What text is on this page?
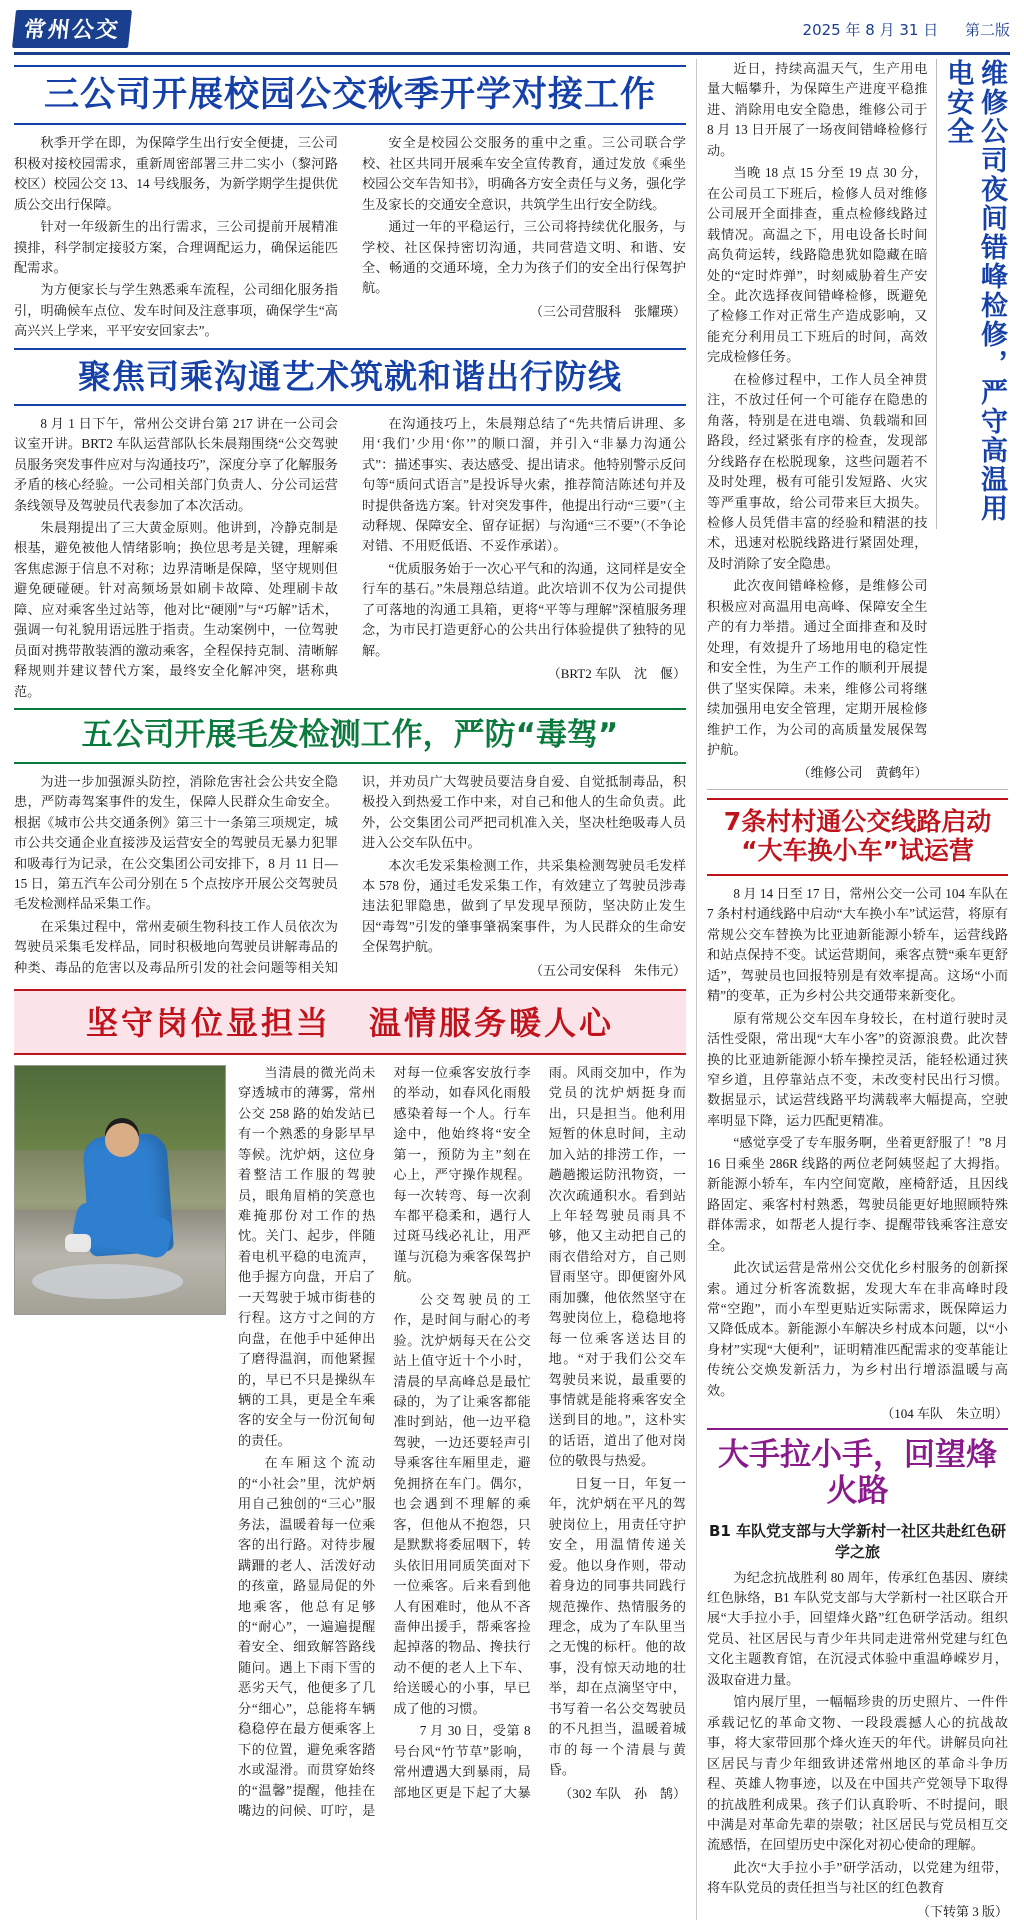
常州公交	2025 年 8 月 31 日 第二版
三公司开展校园公交秋季开学对接工作

秋季开学在即，为保障学生出行安全便捷，三公司积极对接校园需求，重新周密部署三井二实小（黎河路校区）校园公交 13、14 号线服务，为新学期学生提供优质公交出行保障。

针对一年级新生的出行需求，三公司提前开展精准摸排，科学制定接驳方案，合理调配运力，确保运能匹配需求。

为方便家长与学生熟悉乘车流程，公司细化服务指引，明确候车点位、发车时间及注意事项，确保学生“高高兴兴上学来，平平安安回家去”。

安全是校园公交服务的重中之重。三公司联合学校、社区共同开展乘车安全宣传教育，通过发放《乘坐校园公交车告知书》，明确各方安全责任与义务，强化学生及家长的交通安全意识，共筑学生出行安全防线。

通过一年的平稳运行，三公司将持续优化服务，与学校、社区保持密切沟通，共同营造文明、和谐、安全、畅通的交通环境，全力为孩子们的安全出行保驾护航。

（三公司营服科　张耀瑛）
聚焦司乘沟通艺术筑就和谐出行防线

8 月 1 日下午，常州公交讲台第 217 讲在一公司会议室开讲。BRT2 车队运营部队长朱晨翔围绕“公交驾驶员服务突发事件应对与沟通技巧”，深度分享了化解服务矛盾的核心经验。一公司相关部门负责人、分公司运营条线领导及驾驶员代表参加了本次活动。

朱晨翔提出了三大黄金原则。他讲到，冷静克制是根基，避免被他人情绪影响；换位思考是关键，理解乘客焦虑源于信息不对称；边界清晰是保障，坚守规则但避免硬碰硬。针对高频场景如刷卡故障、处理刷卡故障、应对乘客坐过站等，他对比“硬刚”与“巧解”话术，强调一句礼貌用语远胜于指责。生动案例中，一位驾驶员面对携带散装酒的激动乘客，全程保持克制、清晰解释规则并建议替代方案，最终安全化解冲突，堪称典范。

在沟通技巧上，朱晨翔总结了“先共情后讲理、多用‘我们’少用‘你’”的顺口溜，并引入“非暴力沟通公式”：描述事实、表达感受、提出请求。他特别警示反问句等“质问式语言”是投诉导火索，推荐简洁陈述句并及时提供备选方案。针对突发事件，他提出行动“三要”（主动释规、保障安全、留存证据）与沟通“三不要”（不争论对错、不用贬低语、不妥作承诺）。

“优质服务始于一次心平气和的沟通，这同样是安全行车的基石。”朱晨翔总结道。此次培训不仅为公司提供了可落地的沟通工具箱，更将“平等与理解”深植服务理念，为市民打造更舒心的公共出行体验提供了独特的见解。

（BRT2 车队　沈　偃）
五公司开展毛发检测工作，严防“毒驾”

为进一步加强源头防控，消除危害社会公共安全隐患，严防毒驾案事件的发生，保障人民群众生命安全。根据《城市公共交通条例》第三十一条第三项规定，城市公共交通企业直接涉及运营安全的驾驶员无暴力犯罪和吸毒行为记录，在公交集团公司安排下，8 月 11 日—15 日，第五汽车公司分别在 5 个点按序开展公交驾驶员毛发检测样品采集工作。

在采集过程中，常州麦硕生物科技工作人员依次为驾驶员采集毛发样品，同时积极地向驾驶员讲解毒品的种类、毒品的危害以及毒品所引发的社会问题等相关知识，并劝员广大驾驶员要洁身自爱、自觉抵制毒品，积极投入到热爱工作中来，对自己和他人的生命负责。此外，公交集团公司严把司机准入关，坚决杜绝吸毒人员进入公交车队伍中。

本次毛发采集检测工作，共采集检测驾驶员毛发样本 578 份，通过毛发采集工作，有效建立了驾驶员涉毒违法犯罪隐患，做到了早发现早预防，坚决防止发生因“毒驾”引发的肇事肇祸案事件，为人民群众的生命安全保驾护航。

（五公司安保科　朱伟元）
坚守岗位显担当 温情服务暖人心

当清晨的微光尚未穿透城市的薄雾，常州公交 258 路的始发站已有一个熟悉的身影早早等候。沈炉炳，这位身着整洁工作服的驾驶员，眼角眉梢的笑意也难掩那份对工作的热忱。关门、起步，伴随着电机平稳的电流声，他手握方向盘，开启了一天驾驶于城市街巷的行程。这方寸之间的方向盘，在他手中延伸出了磨得温润，而他紧握的，早已不只是操纵车辆的工具，更是全车乘客的安全与一份沉甸甸的责任。

在车厢这个流动的“小社会”里，沈炉炳用自己独创的“三心”服务法，温暖着每一位乘客的出行路。对待步履蹒跚的老人、活泼好动的孩童，路显局促的外地乘客，他总有足够的“耐心”，一遍遍提醒着安全、细致解答路线随问。遇上下雨下雪的恶劣天气，他便多了几分“细心”，总能将车辆稳稳停在最方便乘客上下的位置，避免乘客踏水或湿滑。而贯穿始终的“温馨”提醒，他挂在嘴边的问候、叮咛，是对每一位乘客安放行李的举动，如春风化雨般感染着每一个人。行车途中，他始终将“安全第一，预防为主”刻在心上，严守操作规程。每一次转弯、每一次刹车都平稳柔和，遇行人过斑马线必礼让，用严谨与沉稳为乘客保驾护航。

公交驾驶员的工作，是时间与耐心的考验。沈炉炳每天在公交站上值守近十个小时，清晨的早高峰总是最忙碌的，为了让乘客都能准时到站，他一边平稳驾驶，一边还要轻声引导乘客往车厢里走，避免拥挤在车门。偶尔，也会遇到不理解的乘客，但他从不抱怨，只是默默将委屈咽下，转头依旧用同质笑面对下一位乘客。后来看到他人有困难时，他从不吝啬伸出援手，帮乘客捡起掉落的物品、搀扶行动不便的老人上下车、给送暖心的小事，早已成了他的习惯。

7 月 30 日，受第 8 号台风“竹节草”影响，常州遭遇大到暴雨，局部地区更是下起了大暴雨。风雨交加中，作为党员的沈炉炳挺身而出，只是担当。他利用短暂的休息时间，主动加入站的排涝工作，一趟趟搬运防汛物资，一次次疏通积水。看到站上年轻驾驶员雨具不够，他又主动把自己的雨衣借给对方，自己则冒雨坚守。即便窗外风雨加骤，他依然坚守在驾驶岗位上，稳稳地将每一位乘客送达目的地。“对于我们公交车驾驶员来说，最重要的事情就是能将乘客安全送到目的地。”，这朴实的话语，道出了他对岗位的敬畏与热爱。

日复一日，年复一年，沈炉炳在平凡的驾驶岗位上，用责任守护安全，用温情传递关爱。他以身作则，带动着身边的同事共同践行规范操作、热情服务的理念，成为了车队里当之无愧的标杆。他的故事，没有惊天动地的壮举，却在点滴坚守中，书写着一名公交驾驶员的不凡担当，温暖着城市的每一个清晨与黄昏。

（302 车队　孙　鹄）

近日，持续高温天气，生产用电量大幅攀升，为保障生产进度平稳推进、消除用电安全隐患，维修公司于 8 月 13 日开展了一场夜间错峰检修行动。

当晚 18 点 15 分至 19 点 30 分，在公司员工下班后，检修人员对维修公司展开全面排查，重点检修线路过载情况。高温之下，用电设备长时间高负荷运转，线路隐患犹如隐藏在暗处的“定时炸弹”，时刻威胁着生产安全。此次选择夜间错峰检修，既避免了检修工作对正常生产造成影响，又能充分利用员工下班后的时间，高效完成检修任务。

在检修过程中，工作人员全神贯注，不放过任何一个可能存在隐患的角落，特别是在进电端、负载端和回路段，经过紧张有序的检查，发现部分线路存在松脱现象，这些问题若不及时处理，极有可能引发短路、火灾等严重事故，给公司带来巨大损失。检修人员凭借丰富的经验和精湛的技术，迅速对松脱线路进行紧固处理，及时消除了安全隐患。

此次夜间错峰检修，是维修公司积极应对高温用电高峰、保障安全生产的有力举措。通过全面排查和及时处理，有效提升了场地用电的稳定性和安全性，为生产工作的顺利开展提供了坚实保障。未来，维修公司将继续加强用电安全管理，定期开展检修维护工作，为公司的高质量发展保驾护航。

（维修公司　黄鹤年）
维修公司夜间错峰检修，严守高温用电安全
7条村村通公交线路启动
“大车换小车”试运营

8 月 14 日至 17 日，常州公交一公司 104 车队在 7 条村村通线路中启动“大车换小车”试运营，将原有常规公交车替换为比亚迪新能源小轿车，运营线路和站点保持不变。试运营期间，乘客点赞“乘车更舒适”，驾驶员也回报特别是有效率提高。这场“小而精”的变革，正为乡村公共交通带来新变化。

原有常规公交车因车身较长，在村道行驶时灵活性受限，常出现“大车小客”的资源浪费。此次替换的比亚迪新能源小轿车操控灵活，能轻松通过狭窄乡道，且停靠站点不变，未改变村民出行习惯。数据显示，试运营线路平均满载率大幅提高，空驶率明显下降，运力匹配更精准。

“感觉享受了专车服务啊，坐着更舒服了！”8 月 16 日乘坐 286R 线路的两位老阿姨竖起了大拇指。新能源小轿车，车内空间宽敞，座椅舒适，且因线路固定、乘客村村熟悉，驾驶员能更好地照顾特殊群体需求，如帮老人提行李、提醒带钱乘客注意安全。

此次试运营是常州公交优化乡村服务的创新探索。通过分析客流数据，发现大车在非高峰时段常“空跑”，而小车型更贴近实际需求，既保障运力又降低成本。新能源小车解决乡村成本问题，以“小身材”实现“大便利”，证明精准匹配需求的变革能让传统公交焕发新活力，为乡村出行增添温暖与高效。

（104 车队　朱立明）
大手拉小手，回望烽火路
B1 车队党支部与大学新村一社区共赴红色研学之旅

为纪念抗战胜利 80 周年，传承红色基因、赓续红色脉络，B1 车队党支部与大学新村一社区联合开展“大手拉小手，回望烽火路”红色研学活动。组织党员、社区居民与青少年共同走进常州党建与红色文化主题教育馆，在沉浸式体验中重温峥嵘岁月，汲取奋进力量。

馆内展厅里，一幅幅珍贵的历史照片、一件件承载记忆的革命文物、一段段震撼人心的抗战故事，将大家带回那个烽火连天的年代。讲解员向社区居民与青少年细致讲述常州地区的革命斗争历程、英雄人物事迹，以及在中国共产党领导下取得的抗战胜利成果。孩子们认真聆听、不时提问，眼中满是对革命先辈的崇敬；社区居民与党员相互交流感悟，在回望历史中深化对初心使命的理解。

此次“大手拉小手”研学活动，以党建为纽带，将车队党员的责任担当与社区的红色教育

（下转第 3 版）
